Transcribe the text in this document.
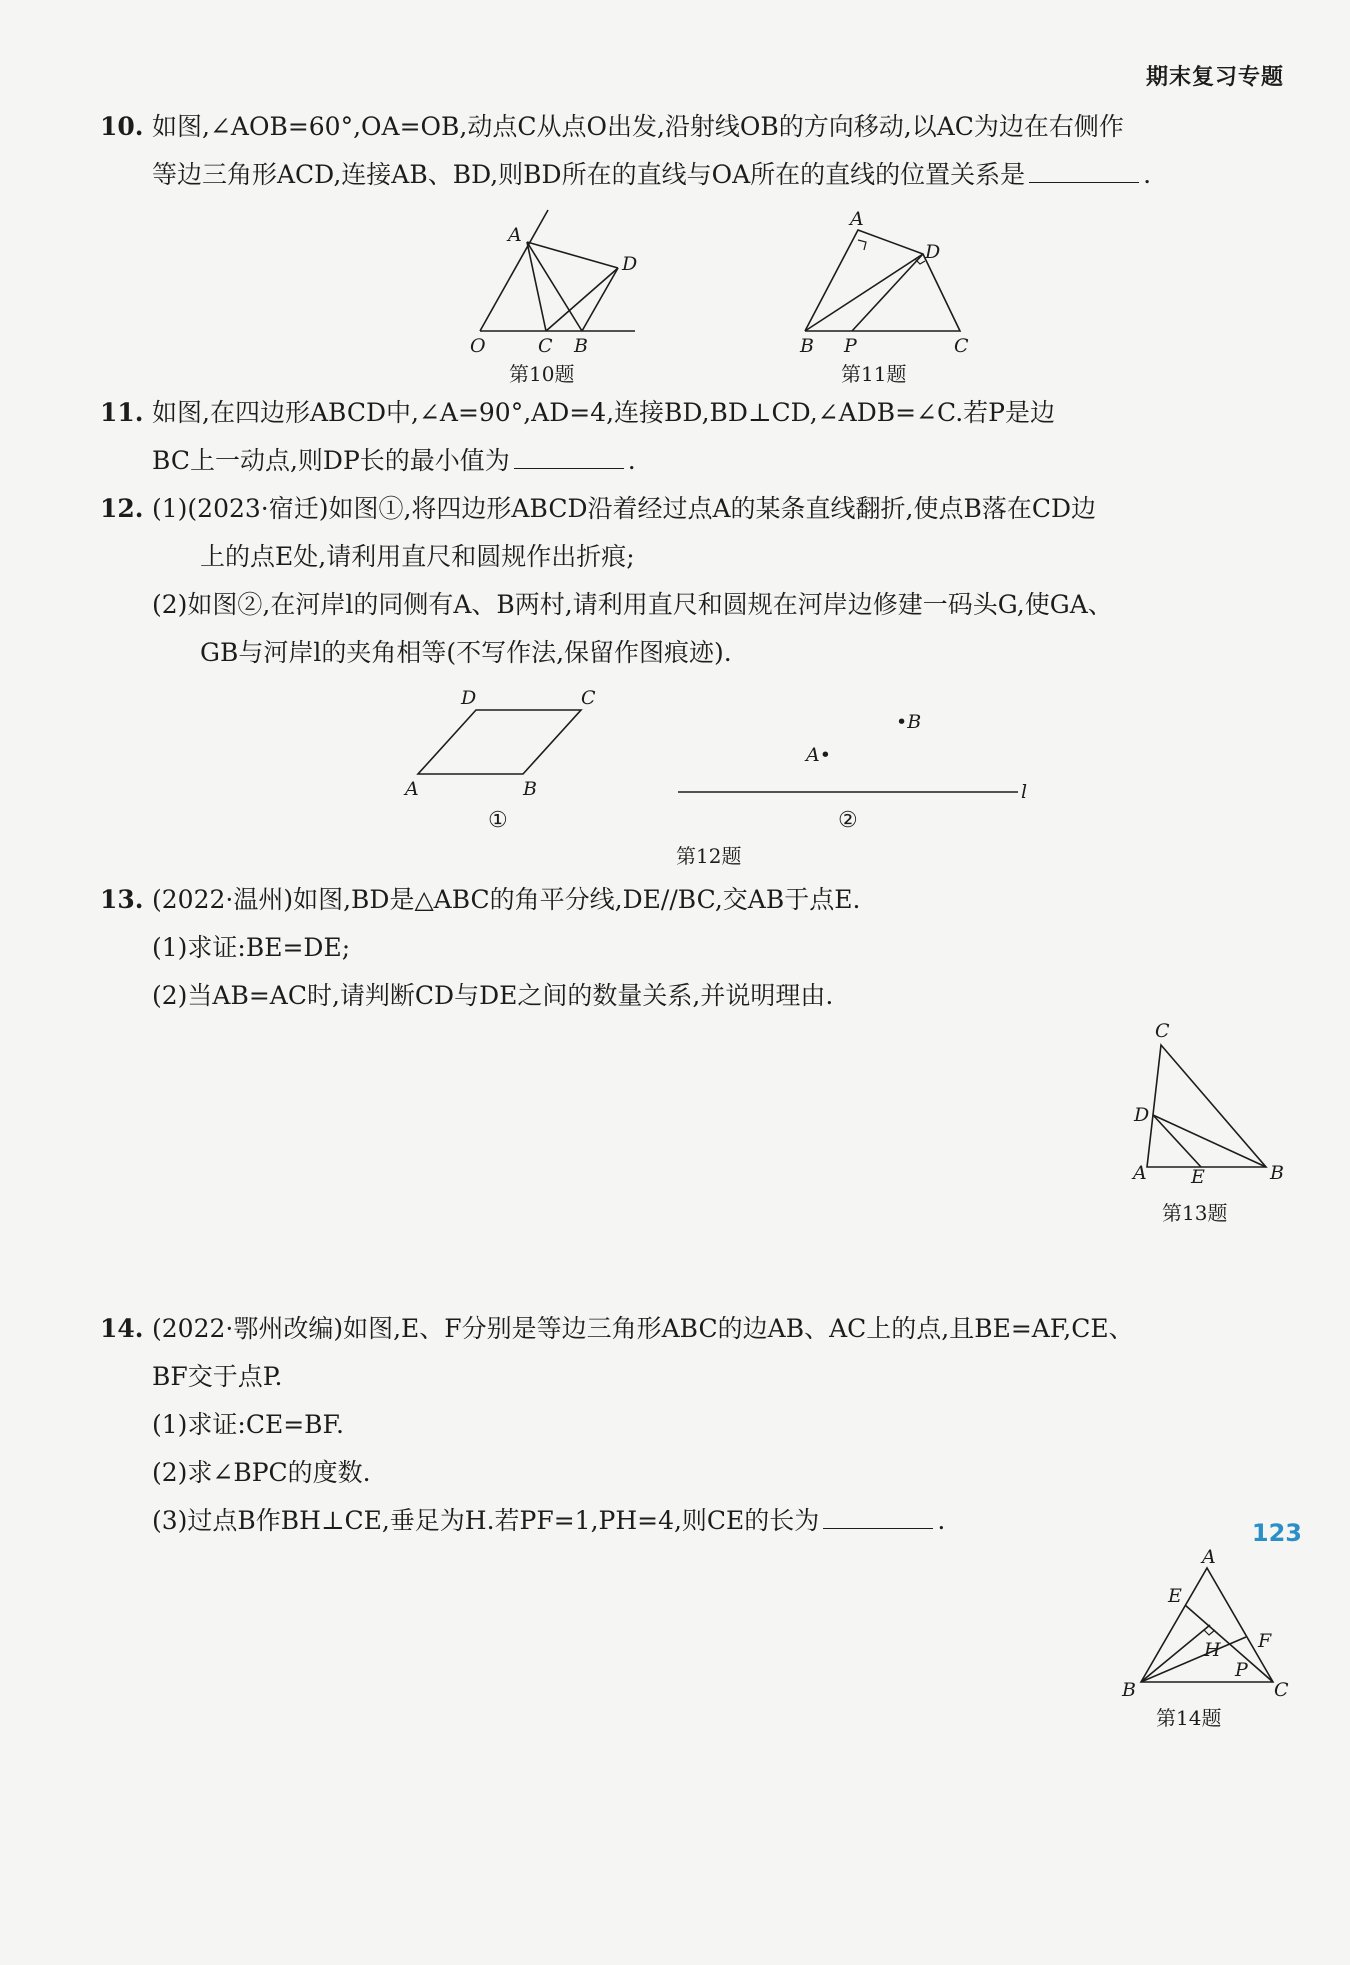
期末复习专题
10. 如图,∠AOB=60°,OA=OB,动点C从点O出发,沿射线OB的方向移动,以AC为边在右侧作
等边三角形ACD,连接AB、BD,则BD所在的直线与OA所在的直线的位置关系是	.
A
D
O	C B
第10题
A
D
B P	C
第11题
11. 如图,在四边形ABCD中,∠A=90°,AD=4,连接BD,BD⊥CD,∠ADB=∠C.若P是边
BC上一动点,则DP长的最小值为	.
12. (1)(2023·宿迁)如图①,将四边形ABCD沿着经过点A的某条直线翻折,使点B落在CD边
上的点E处,请利用直尺和圆规作出折痕;
(2)如图②,在河岸l的同侧有A、B两村,请利用直尺和圆规在河岸边修建一码头G,使GA、
GB与河岸l的夹角相等(不写作法,保留作图痕迹).
D	C
A	B
①
•B
A•
l
②
第12题
13. (2022·温州)如图,BD是△ABC的角平分线,DE//BC,交AB于点E.
(1)求证:BE=DE;
(2)当AB=AC时,请判断CD与DE之间的数量关系,并说明理由.
C
D
A E	B
第13题
14. (2022·鄂州改编)如图,E、F分别是等边三角形ABC的边AB、AC上的点,且BE=AF,CE、
BF交于点P.
(1)求证:CE=BF.
(2)求∠BPC的度数.
(3)过点B作BH⊥CE,垂足为H.若PF=1,PH=4,则CE的长为	.
A
E
H F
P
B	C
第14题
123
